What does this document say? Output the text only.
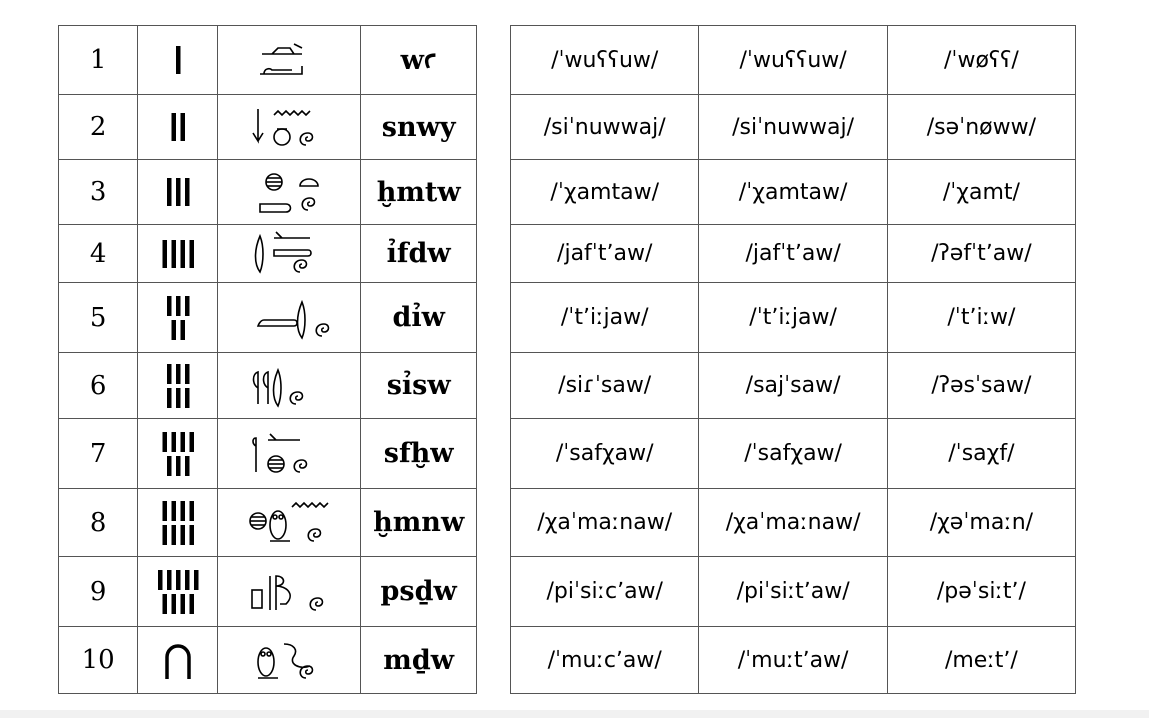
1			wꜥ
2			snwy
3			ḫmtw
4			ỉfdw
5			dỉw
6			sỉsw
7			sfḫw
8			ḫmnw
9			psḏw
10			mḏw
/ˈwuʕʕuw/	/ˈwuʕʕuw/	/ˈwøʕʕ/
/siˈnuwwaj/	/siˈnuwwaj/	/səˈnøww/
/ˈχamtaw/	/ˈχamtaw/	/ˈχamt/
/jafˈtʼaw/	/jafˈtʼaw/	/ʔəfˈtʼaw/
/ˈtʼiːjaw/	/ˈtʼiːjaw/	/ˈtʼiːw/
/siɾˈsaw/	/sajˈsaw/	/ʔəsˈsaw/
/ˈsafχaw/	/ˈsafχaw/	/ˈsaχf/
/χaˈmaːnaw/	/χaˈmaːnaw/	/χəˈmaːn/
/piˈsiːcʼaw/	/piˈsiːtʼaw/	/pəˈsiːtʼ/
/ˈmuːcʼaw/	/ˈmuːtʼaw/	/meːtʼ/
